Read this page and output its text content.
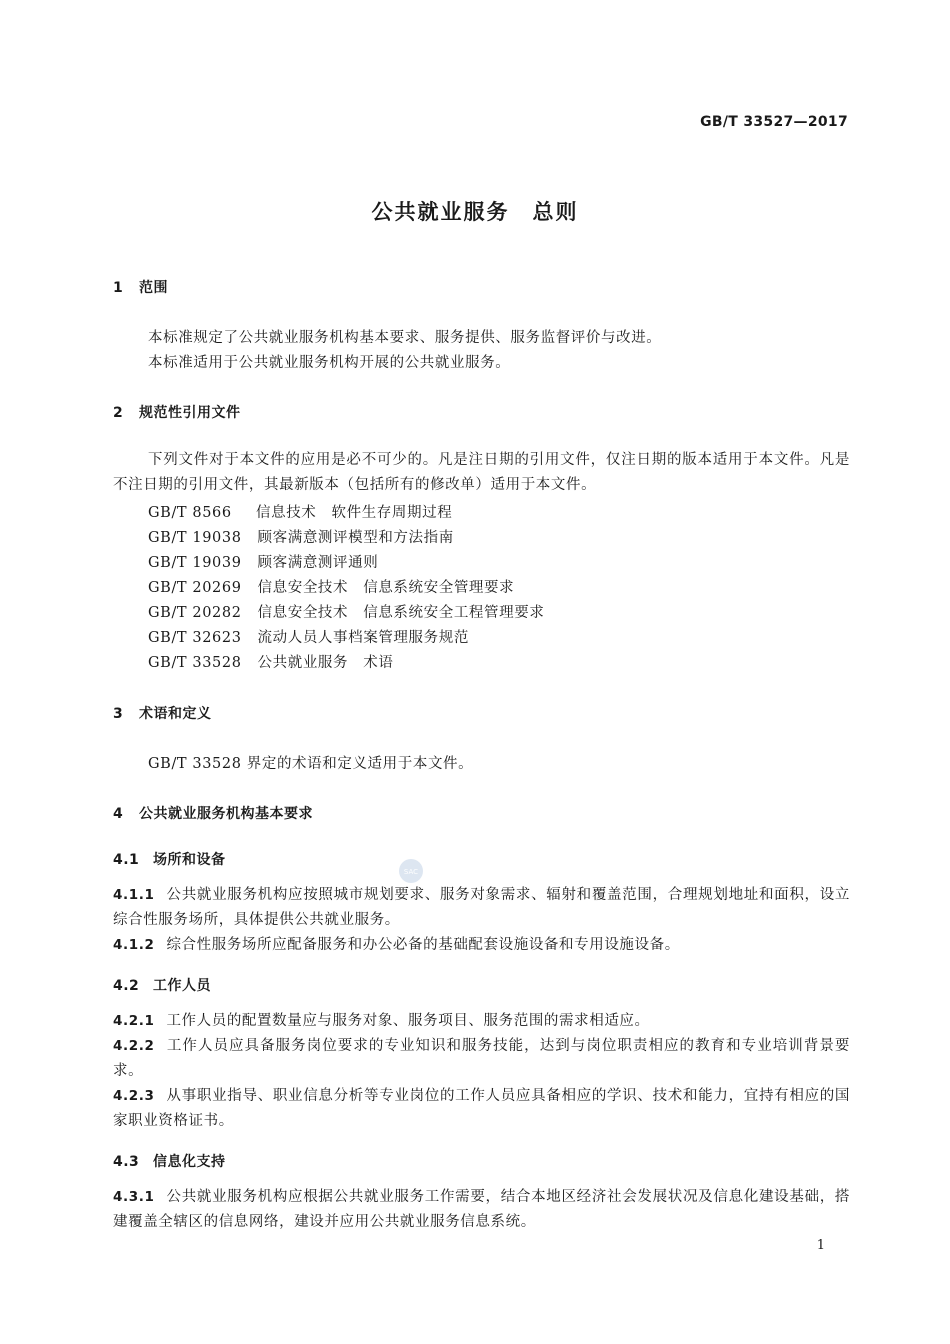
GB/T 33527—2017
公共就业服务　总则
1 范围
本标准规定了公共就业服务机构基本要求、服务提供、服务监督评价与改进。
本标准适用于公共就业服务机构开展的公共就业服务。
2 规范性引用文件
下列文件对于本文件的应用是必不可少的。凡是注日期的引用文件，仅注日期的版本适用于本文件。凡是不注日期的引用文件，其最新版本（包括所有的修改单）适用于本文件。
GB/T 8566 信息技术　软件生存周期过程
GB/T 19038 顾客满意测评模型和方法指南
GB/T 19039 顾客满意测评通则
GB/T 20269 信息安全技术　信息系统安全管理要求
GB/T 20282 信息安全技术　信息系统安全工程管理要求
GB/T 32623 流动人员人事档案管理服务规范
GB/T 33528 公共就业服务　术语
3 术语和定义
GB/T 33528 界定的术语和定义适用于本文件。
4 公共就业服务机构基本要求
4.1 场所和设备
SAC
4.1.1 公共就业服务机构应按照城市规划要求、服务对象需求、辐射和覆盖范围，合理规划地址和面积，设立综合性服务场所，具体提供公共就业服务。
4.1.2 综合性服务场所应配备服务和办公必备的基础配套设施设备和专用设施设备。
4.2 工作人员
4.2.1 工作人员的配置数量应与服务对象、服务项目、服务范围的需求相适应。
4.2.2 工作人员应具备服务岗位要求的专业知识和服务技能，达到与岗位职责相应的教育和专业培训背景要求。
4.2.3 从事职业指导、职业信息分析等专业岗位的工作人员应具备相应的学识、技术和能力，宜持有相应的国家职业资格证书。
4.3 信息化支持
4.3.1 公共就业服务机构应根据公共就业服务工作需要，结合本地区经济社会发展状况及信息化建设基础，搭建覆盖全辖区的信息网络，建设并应用公共就业服务信息系统。
1
